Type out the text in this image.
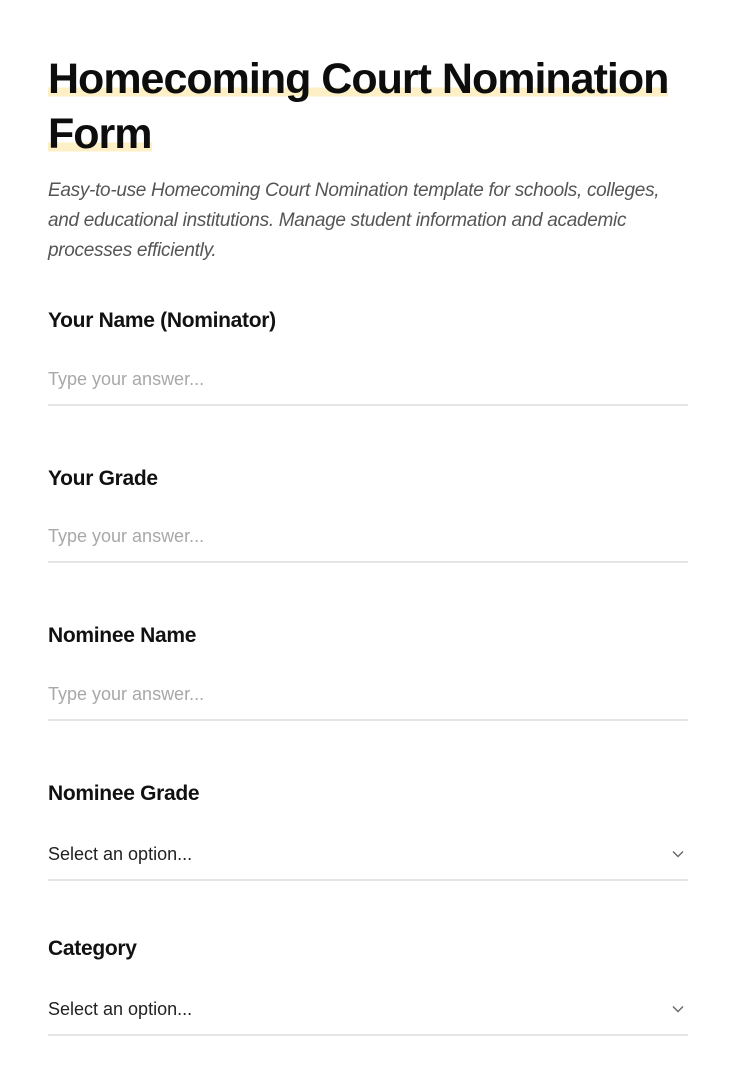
Homecoming Court Nomination Form

Easy-to-use Homecoming Court Nomination template for schools, colleges, and educational institutions. Manage student information and academic processes efficiently.

Your Name (Nominator)
Type your answer...
Your Grade
Type your answer...
Nominee Name
Type your answer...
Nominee Grade
Select an option...
Category
Select an option...
